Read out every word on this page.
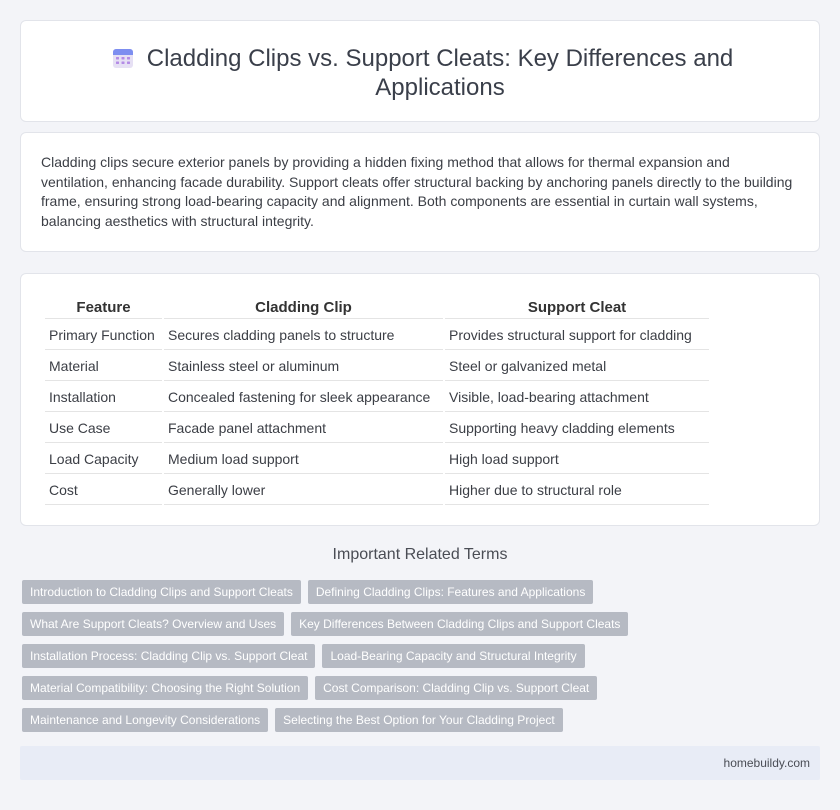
Cladding Clips vs. Support Cleats: Key Differences and Applications

Cladding clips secure exterior panels by providing a hidden fixing method that allows for thermal expansion and ventilation, enhancing facade durability. Support cleats offer structural backing by anchoring panels directly to the building frame, ensuring strong load-bearing capacity and alignment. Both components are essential in curtain wall systems, balancing aesthetics with structural integrity.

Feature	Cladding Clip	Support Cleat
Primary Function	Secures cladding panels to structure	Provides structural support for cladding
Material	Stainless steel or aluminum	Steel or galvanized metal
Installation	Concealed fastening for sleek appearance	Visible, load-bearing attachment
Use Case	Facade panel attachment	Supporting heavy cladding elements
Load Capacity	Medium load support	High load support
Cost	Generally lower	Higher due to structural role
Important Related Terms
Introduction to Cladding Clips and Support Cleats	Defining Cladding Clips: Features and Applications
What Are Support Cleats? Overview and Uses	Key Differences Between Cladding Clips and Support Cleats
Installation Process: Cladding Clip vs. Support Cleat	Load-Bearing Capacity and Structural Integrity
Material Compatibility: Choosing the Right Solution	Cost Comparison: Cladding Clip vs. Support Cleat
Maintenance and Longevity Considerations	Selecting the Best Option for Your Cladding Project
homebuildy.com
